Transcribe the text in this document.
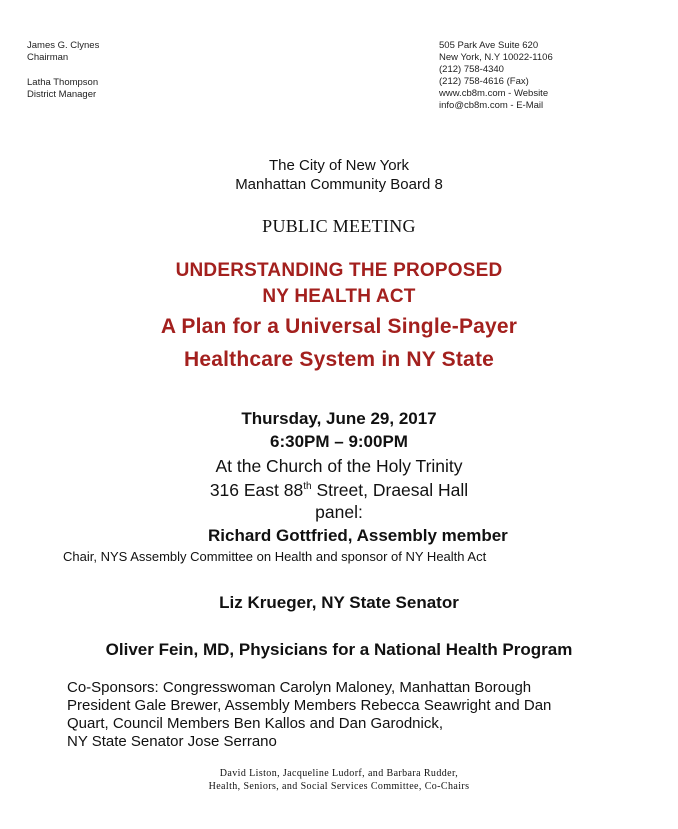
James G. Clynes
Chairman
Latha Thompson
District Manager
505 Park Ave Suite 620
New York, N.Y 10022-1106
(212) 758-4340
(212) 758-4616 (Fax)
www.cb8m.com - Website
info@cb8m.com - E-Mail
The City of New York
Manhattan Community Board 8
PUBLIC MEETING
UNDERSTANDING THE PROPOSED
NY HEALTH ACT
A Plan for a Universal Single-Payer
Healthcare System in NY State
Thursday, June 29, 2017
6:30PM – 9:00PM
At the Church of the Holy Trinity
316 East 88th Street, Draesal Hall
panel:
Richard Gottfried, Assembly member
Chair, NYS Assembly Committee on Health and sponsor of NY Health Act
Liz Krueger, NY State Senator
Oliver Fein, MD, Physicians for a National Health Program
Co-Sponsors: Congresswoman Carolyn Maloney, Manhattan Borough
President Gale Brewer, Assembly Members Rebecca Seawright and Dan
Quart, Council Members Ben Kallos and Dan Garodnick,
NY State Senator Jose Serrano
David Liston, Jacqueline Ludorf, and Barbara Rudder,
Health, Seniors, and Social Services Committee, Co-Chairs
